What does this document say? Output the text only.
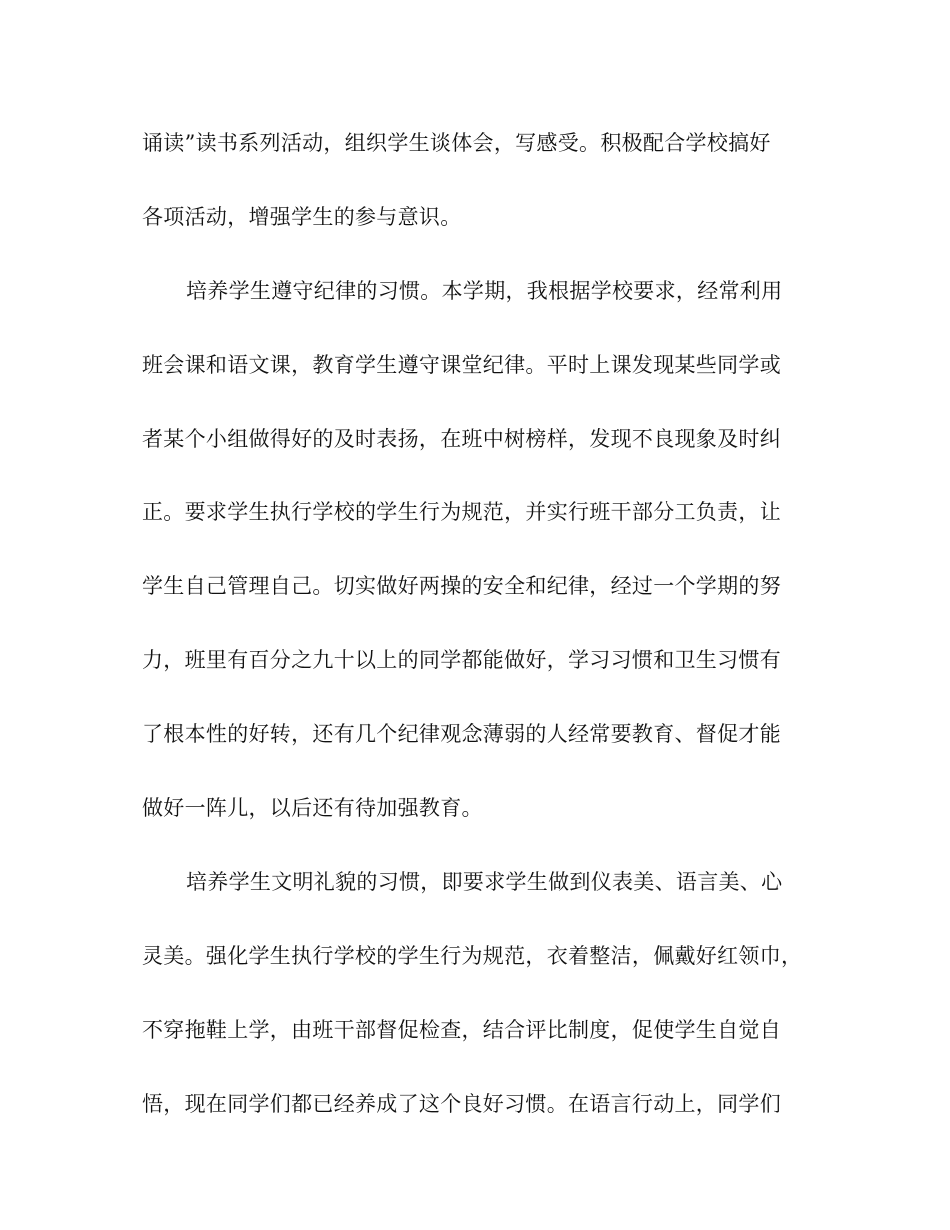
诵读”读书系列活动，组织学生谈体会，写感受。积极配合学校搞好
各项活动，增强学生的参与意识。
培养学生遵守纪律的习惯。本学期，我根据学校要求，经常利用
班会课和语文课，教育学生遵守课堂纪律。平时上课发现某些同学或
者某个小组做得好的及时表扬，在班中树榜样，发现不良现象及时纠
正。要求学生执行学校的学生行为规范，并实行班干部分工负责，让
学生自己管理自己。切实做好两操的安全和纪律，经过一个学期的努
力，班里有百分之九十以上的同学都能做好，学习习惯和卫生习惯有
了根本性的好转，还有几个纪律观念薄弱的人经常要教育、督促才能
做好一阵儿，以后还有待加强教育。
培养学生文明礼貌的习惯，即要求学生做到仪表美、语言美、心
灵美。强化学生执行学校的学生行为规范，衣着整洁，佩戴好红领巾，
不穿拖鞋上学，由班干部督促检查，结合评比制度，促使学生自觉自
悟，现在同学们都已经养成了这个良好习惯。在语言行动上，同学们
